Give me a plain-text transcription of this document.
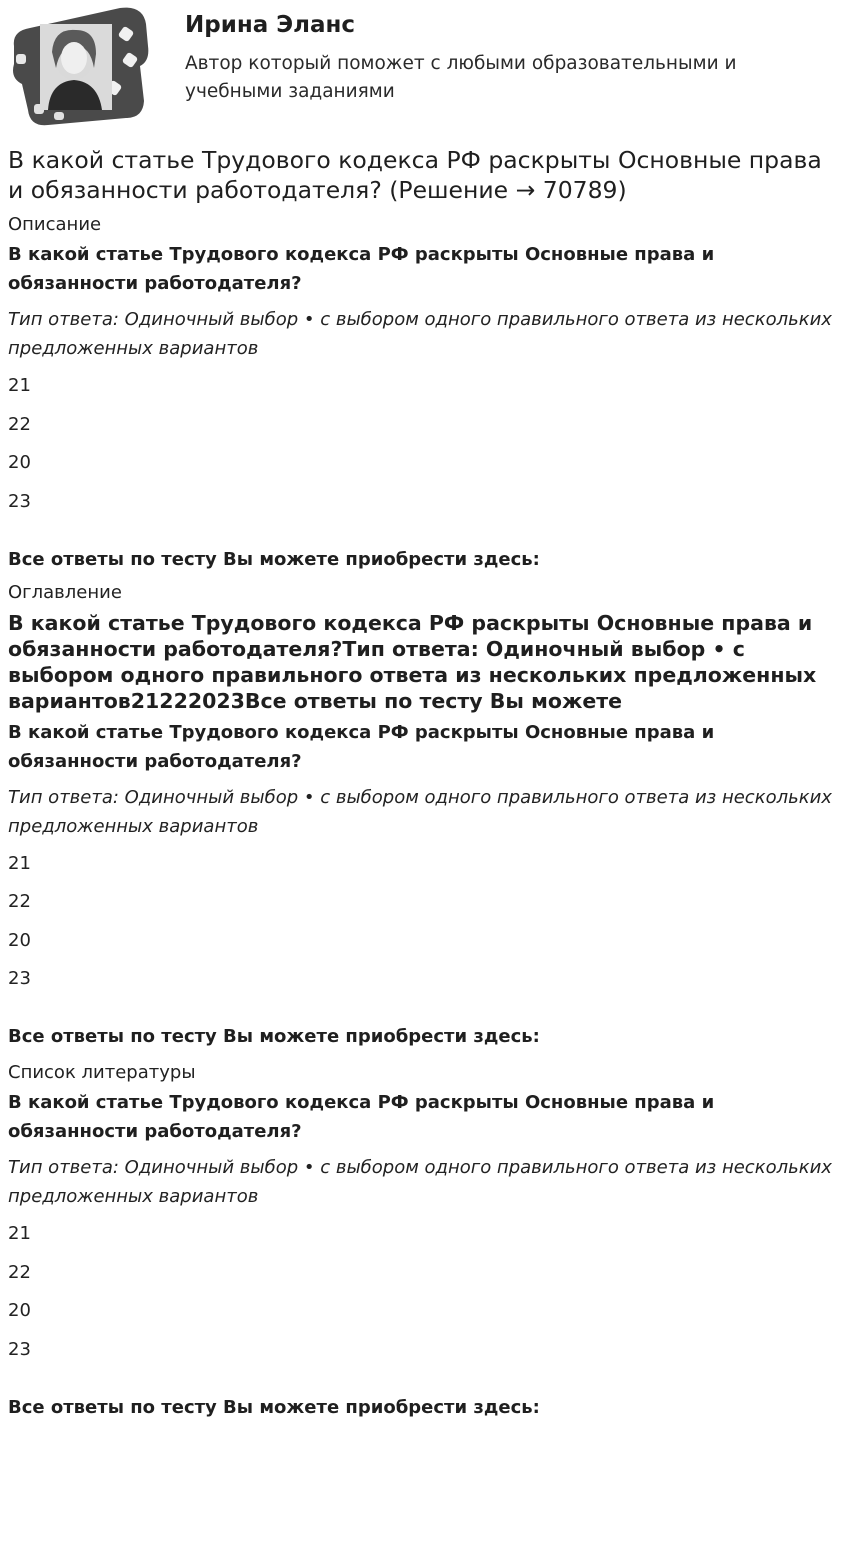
Ирина Эланс
Автор который поможет с любыми образовательными и учебными заданиями
В какой статье Трудового кодекса РФ раскрыты Основные права и обязанности работодателя? (Решение → 70789)
Описание
В какой статье Трудового кодекса РФ раскрыты Основные права и обязанности работодателя?
Тип ответа: Одиночный выбор • с выбором одного правильного ответа из нескольких предложенных вариантов
21
22
20
23
Все ответы по тесту Вы можете приобрести здесь:
Оглавление
В какой статье Трудового кодекса РФ раскрыты Основные права и обязанности работодателя?Тип ответа: Одиночный выбор • с выбором одного правильного ответа из нескольких предложенных вариантов21222023Все ответы по тесту Вы можете
В какой статье Трудового кодекса РФ раскрыты Основные права и обязанности работодателя?
Тип ответа: Одиночный выбор • с выбором одного правильного ответа из нескольких предложенных вариантов
21
22
20
23
Все ответы по тесту Вы можете приобрести здесь:
Список литературы
В какой статье Трудового кодекса РФ раскрыты Основные права и обязанности работодателя?
Тип ответа: Одиночный выбор • с выбором одного правильного ответа из нескольких предложенных вариантов
21
22
20
23
Все ответы по тесту Вы можете приобрести здесь:
